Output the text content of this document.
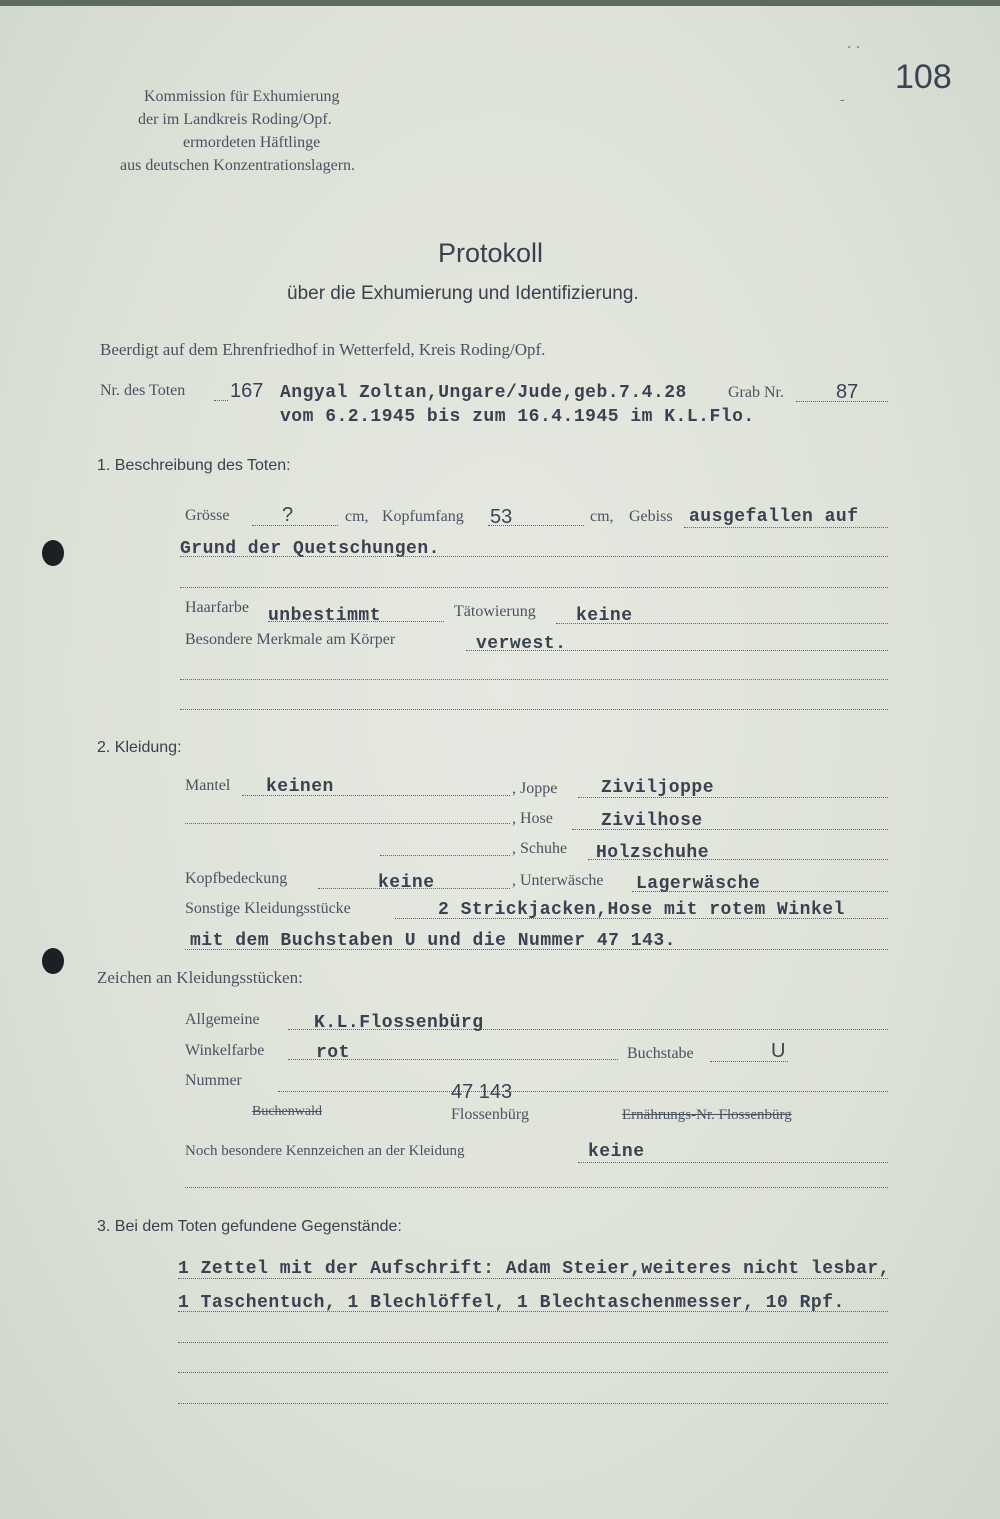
108
· ·
-
Kommission für Exhumierung
der im Landkreis Roding/Opf.
ermordeten Häftlinge
aus deutschen Konzentrationslagern.
Protokoll
über die Exhumierung und Identifizierung.
Beerdigt auf dem Ehrenfriedhof in Wetterfeld, Kreis Roding/Opf.
Nr. des Toten 167 Angyal Zoltan,Ungare/Jude,geb.7.4.28	Grab Nr.	87
vom 6.2.1945 bis zum 16.4.1945 im K.L.Flo.
1. Beschreibung des Toten:
Grösse	?	cm, Kopfumfang 53	cm, Gebiss ausgefallen auf
Grund der Quetschungen.
Haarfarbe unbestimmt	Tätowierung keine
Besondere Merkmale am Körper	verwest.
2. Kleidung:
Mantel keinen	, Joppe Ziviljoppe
, Hose	Zivilhose
, Schuhe Holzschuhe
Kopfbedeckung	keine	, Unterwäsche Lagerwäsche
Sonstige Kleidungsstücke	2 Strickjacken,Hose mit rotem Winkel
mit dem Buchstaben U und die Nummer 47 143.
Zeichen an Kleidungsstücken:
Allgemeine	K.L.Flossenbürg
Winkelfarbe	rot	Buchstabe	U
Nummer
47 143
Buchenwald	Flossenbürg	Ernährungs-Nr. Flossenbürg
Noch besondere Kennzeichen an der Kleidung	keine
3. Bei dem Toten gefundene Gegenstände:
1 Zettel mit der Aufschrift: Adam Steier,weiteres nicht lesbar,
1 Taschentuch, 1 Blechlöffel, 1 Blechtaschenmesser, 10 Rpf.
